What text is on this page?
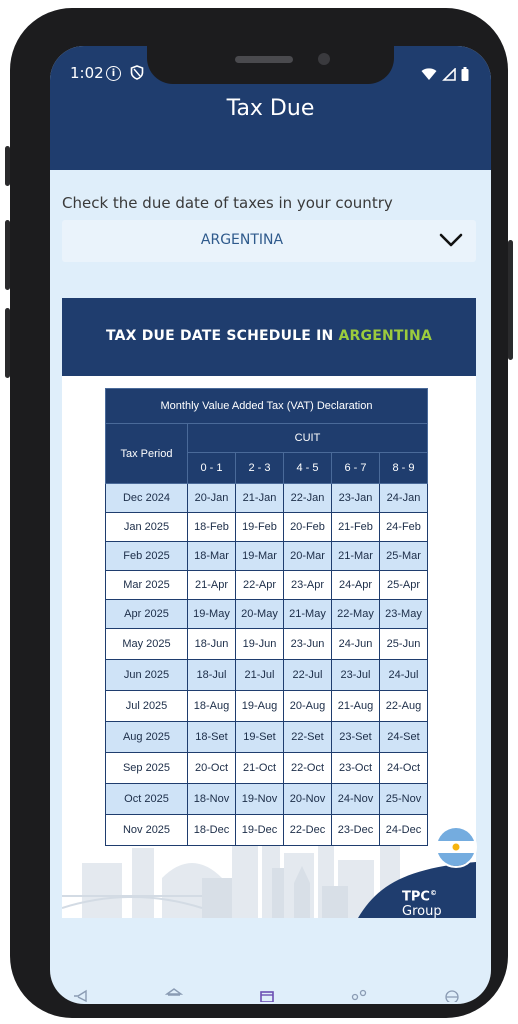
1:02 i

Tax Due
Check the due date of taxes in your country
ARGENTINA
TAX DUE DATE SCHEDULE IN ARGENTINA
Monthly Value Added Tax (VAT) Declaration					
Tax Period	CUIT				
	0 - 1	2 - 3	4 - 5	6 - 7	8 - 9
Dec 2024	20-Jan	21-Jan	22-Jan	23-Jan	24-Jan
Jan 2025	18-Feb	19-Feb	20-Feb	21-Feb	24-Feb
Feb 2025	18-Mar	19-Mar	20-Mar	21-Mar	25-Mar
Mar 2025	21-Apr	22-Apr	23-Apr	24-Apr	25-Apr
Apr 2025	19-May	20-May	21-May	22-May	23-May
May 2025	18-Jun	19-Jun	23-Jun	24-Jun	25-Jun
Jun 2025	18-Jul	21-Jul	22-Jul	23-Jul	24-Jul
Jul 2025	18-Aug	19-Aug	20-Aug	21-Aug	22-Aug
Aug 2025	18-Set	19-Set	22-Set	23-Set	24-Set
Sep 2025	20-Oct	21-Oct	22-Oct	23-Oct	24-Oct
Oct 2025	18-Nov	19-Nov	20-Nov	24-Nov	25-Nov
Nov 2025	18-Dec	19-Dec	22-Dec	23-Dec	24-Dec
TPC© Group
